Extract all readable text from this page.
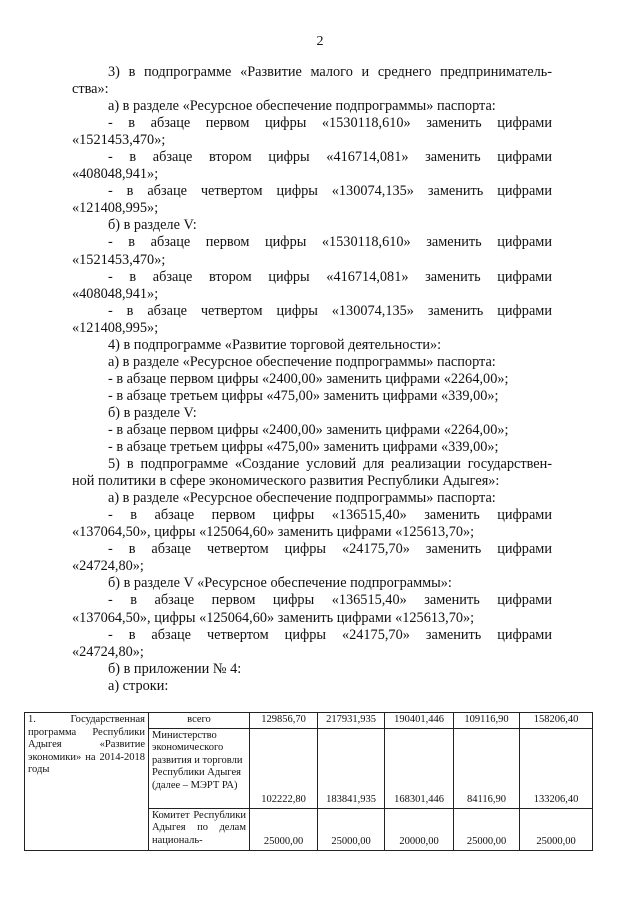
2

3) в подпрограмме «Развитие малого и среднего предприниматель-

ства»:

а) в разделе «Ресурсное обеспечение подпрограммы» паспорта:

- в абзаце первом цифры «1530118,610» заменить цифрами

«1521453,470»;

- в абзаце втором цифры «416714,081» заменить цифрами

«408048,941»;

- в абзаце четвертом цифры «130074,135» заменить цифрами

«121408,995»;

б) в разделе V:

- в абзаце первом цифры «1530118,610» заменить цифрами

«1521453,470»;

- в абзаце втором цифры «416714,081» заменить цифрами

«408048,941»;

- в абзаце четвертом цифры «130074,135» заменить цифрами

«121408,995»;

4) в подпрограмме «Развитие торговой деятельности»:

а) в разделе «Ресурсное обеспечение подпрограммы» паспорта:

- в абзаце первом цифры «2400,00» заменить цифрами «2264,00»;

- в абзаце третьем цифры «475,00» заменить цифрами «339,00»;

б) в разделе V:

- в абзаце первом цифры «2400,00» заменить цифрами «2264,00»;

- в абзаце третьем цифры «475,00» заменить цифрами «339,00»;

5) в подпрограмме «Создание условий для реализации государствен-

ной политики в сфере экономического развития Республики Адыгея»:

а) в разделе «Ресурсное обеспечение подпрограммы» паспорта:

- в абзаце первом цифры «136515,40» заменить цифрами

«137064,50», цифры «125064,60» заменить цифрами «125613,70»;

- в абзаце четвертом цифры «24175,70» заменить цифрами

«24724,80»;

б) в разделе V «Ресурсное обеспечение подпрограммы»:

- в абзаце первом цифры «136515,40» заменить цифрами

«137064,50», цифры «125064,60» заменить цифрами «125613,70»;

- в абзаце четвертом цифры «24175,70» заменить цифрами

«24724,80»;

б) в приложении № 4:

а) строки:

1. Государственная программа Республики Адыгея «Развитие экономики» на 2014-2018 годы	всего	129856,70	217931,935	190401,446	109116,90	158206,40
	Министерство экономического развития и торговли Республики Адыгея (далее – МЭРТ РА)	102222,80	183841,935	168301,446	84116,90	133206,40
	Комитет Республики Адыгея по делам националь-	25000,00	25000,00	20000,00	25000,00	25000,00
